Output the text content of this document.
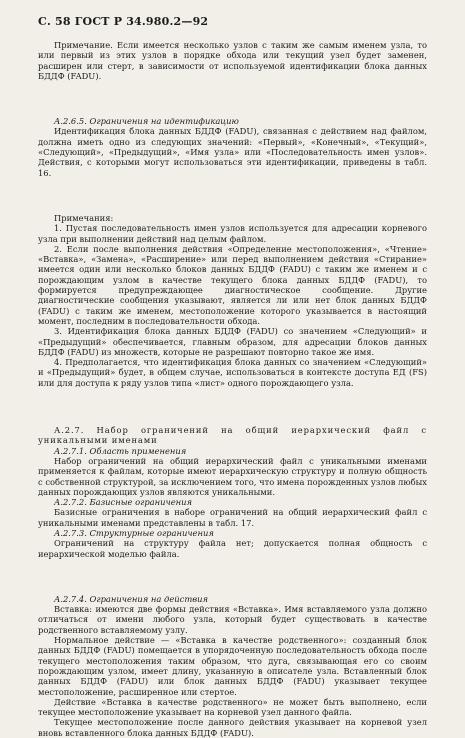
С. 58 ГОСТ Р 34.980.2—92

Примечание. Если имеется несколько узлов с таким же самым именем узла, то или первый из этих узлов в порядке обхода или текущий узел будет заменен, расширен или стерт, в зависимости от используемой идентификации блока данных БДДФ (FADU).

А.2.6.5. Ограничения на идентификацию

Идентификация блока данных БДДФ (FADU), связанная с действием над файлом, должна иметь одно из следующих значений: «Первый», «Конечный», «Текущий», «Следующий», «Предыдущий», «Имя узла» или «Последовательность имен узлов». Действия, с которыми могут использоваться эти идентификации, приведены в табл. 16.

Примечания:

1. Пустая последовательность имен узлов используется для адресации корневого узла при выполнении действий над целым файлом.

2. Если после выполнения действия «Определение местоположения», «Чтение» «Вставка», «Замена», «Расширение» или перед выполнением действия «Стирание» имеется один или несколько блоков данных БДДФ (FADU) с таким же именем и с порождающим узлом в качестве текущего блока данных БДДФ (FADU), то формируется предупреждающее диагностическое сообщение. Другие диагностические сообщения указывают, является ли или нет блок данных БДДФ (FADU) с таким же именем, местоположение которого указывается в настоящий момент, последним в последовательности обхода.

3. Идентификация блока данных БДДФ (FADU) со значением «Следующий» и «Предыдущий» обеспечивается, главным образом, для адресации блоков данных БДДФ (FADU) из множеств, которые не разрешают повторно такое же имя.

4. Предполагается, что идентификация блока данных со значением «Следующий» и «Предыдущий» будет, в общем случае, использоваться в контексте доступа ЕД (FS) или для доступа к ряду узлов типа «лист» одного порождающего узла.

А.2.7. Набор ограничений на общий иерархический файл с уникальными именами

А.2.7.1. Область применения

Набор ограничений на общий иерархический файл с уникальными именами применяется к файлам, которые имеют иерархическую структуру и полную общность с собственной структурой, за исключением того, что имена порожденных узлов любых данных порождающих узлов являются уникальными.

А.2.7.2. Базисные ограничения

Базисные ограничения в наборе ограничений на общий иерархический файл с уникальными именами представлены в табл. 17.

А.2.7.3. Структурные ограничения

Ограничений на структуру файла нет; допускается полная общность с иерархической моделью файла.

А.2.7.4. Ограничения на действия

Вставка: имеются две формы действия «Вставка». Имя вставляемого узла должно отличаться от имени любого узла, который будет существовать в качестве родственного вставляемому узлу.

Нормальное действие — «Вставка в качестве родственного»: созданный блок данных БДДФ (FADU) помещается в упорядоченную последовательность обхода после текущего местоположения таким образом, что дуга, связывающая его со своим порождающим узлом, имеет длину, указанную в описателе узла. Вставленный блок данных БДДФ (FADU) или блок данных БДДФ (FADU) указывает текущее местоположение, расширенное или стертое.

Действие «Вставка в качестве родственного» не может быть выполнено, если текущее местоположение указывает на корневой узел данного файла.

Текущее местоположение после данного действия указывает на корневой узел вновь вставленного блока данных БДДФ (FADU).
